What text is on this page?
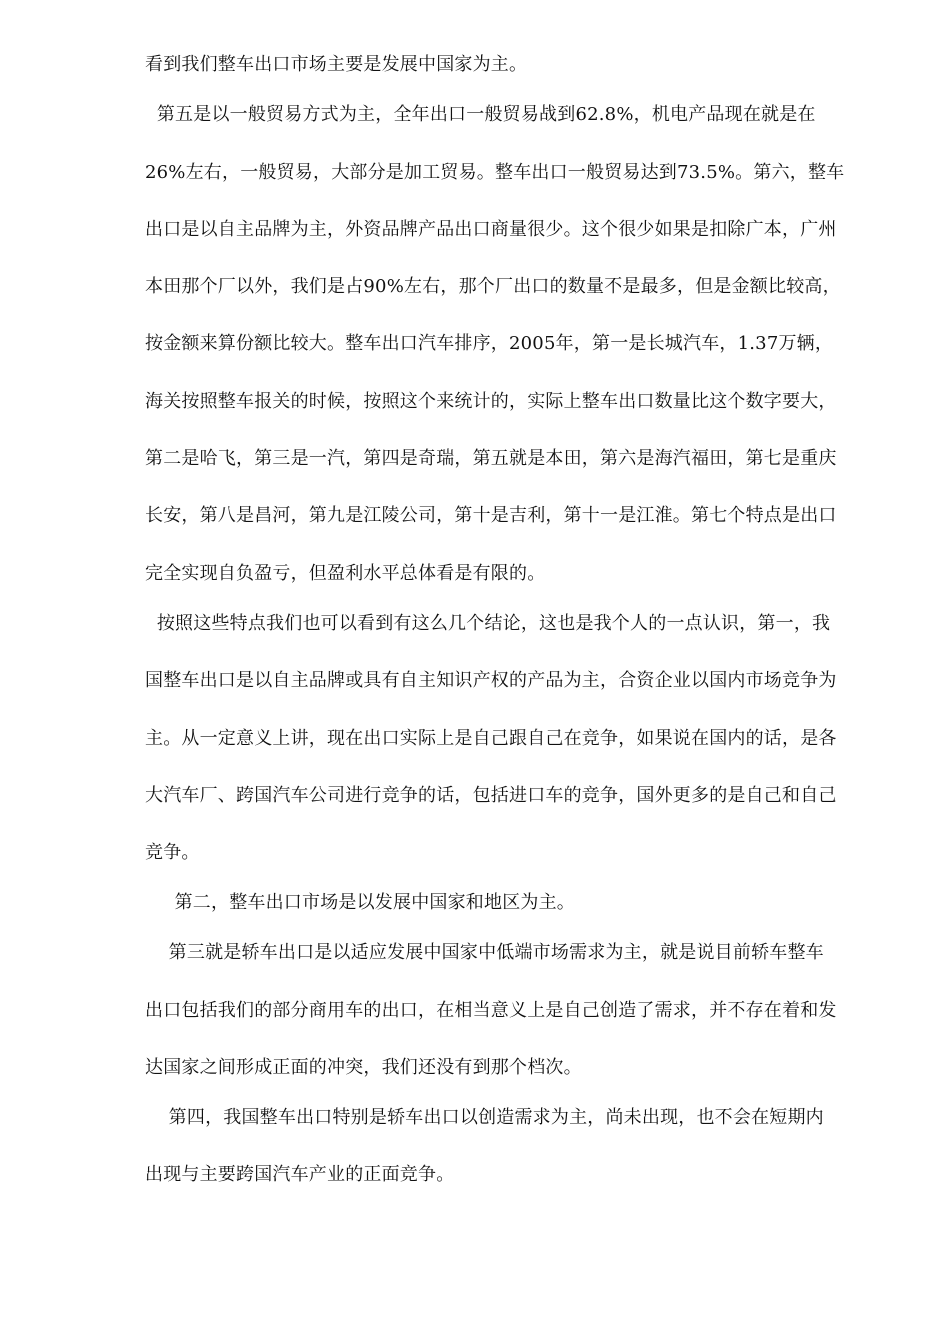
看到我们整车出口市场主要是发展中国家为主。
第五是以一般贸易方式为主，全年出口一般贸易战到62.8%，机电产品现在就是在
26%左右，一般贸易，大部分是加工贸易。整车出口一般贸易达到73.5%。第六，整车
出口是以自主品牌为主，外资品牌产品出口商量很少。这个很少如果是扣除广本，广州
本田那个厂以外，我们是占90%左右，那个厂出口的数量不是最多，但是金额比较高，
按金额来算份额比较大。整车出口汽车排序，2005年，第一是长城汽车，1.37万辆，
海关按照整车报关的时候，按照这个来统计的，实际上整车出口数量比这个数字要大，
第二是哈飞，第三是一汽，第四是奇瑞，第五就是本田，第六是海汽福田，第七是重庆
长安，第八是昌河，第九是江陵公司，第十是吉利，第十一是江淮。第七个特点是出口
完全实现自负盈亏，但盈利水平总体看是有限的。
按照这些特点我们也可以看到有这么几个结论，这也是我个人的一点认识，第一，我
国整车出口是以自主品牌或具有自主知识产权的产品为主，合资企业以国内市场竞争为
主。从一定意义上讲，现在出口实际上是自己跟自己在竞争，如果说在国内的话，是各
大汽车厂、跨国汽车公司进行竞争的话，包括进口车的竞争，国外更多的是自己和自己
竞争。
第二，整车出口市场是以发展中国家和地区为主。
第三就是轿车出口是以适应发展中国家中低端市场需求为主，就是说目前轿车整车
出口包括我们的部分商用车的出口，在相当意义上是自己创造了需求，并不存在着和发
达国家之间形成正面的冲突，我们还没有到那个档次。
第四，我国整车出口特别是轿车出口以创造需求为主，尚未出现，也不会在短期内
出现与主要跨国汽车产业的正面竞争。
